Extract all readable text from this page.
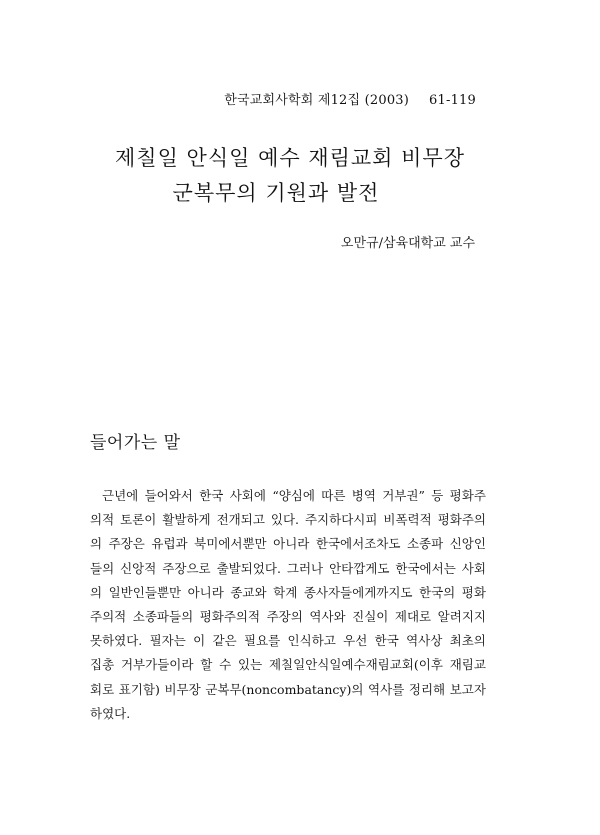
한국교회사학회 제12집 (2003) 61-119
제칠일 안식일 예수 재림교회 비무장
군복무의 기원과 발전
오만규/삼육대학교 교수
들어가는 말
근년에 들어와서 한국 사회에 “양심에 따른 병역 거부권” 등 평화주
의적 토론이 활발하게 전개되고 있다. 주지하다시피 비폭력적 평화주의
의 주장은 유럽과 북미에서뿐만 아니라 한국에서조차도 소종파 신앙인
들의 신앙적 주장으로 출발되었다. 그러나 안타깝게도 한국에서는 사회
의 일반인들뿐만 아니라 종교와 학계 종사자들에게까지도 한국의 평화
주의적 소종파들의 평화주의적 주장의 역사와 진실이 제대로 알려지지
못하였다. 필자는 이 같은 필요를 인식하고 우선 한국 역사상 최초의
집총 거부가들이라 할 수 있는 제칠일안식일예수재림교회(이후 재림교
회로 표기함) 비무장 군복무(noncombatancy)의 역사를 정리해 보고자
하였다.
